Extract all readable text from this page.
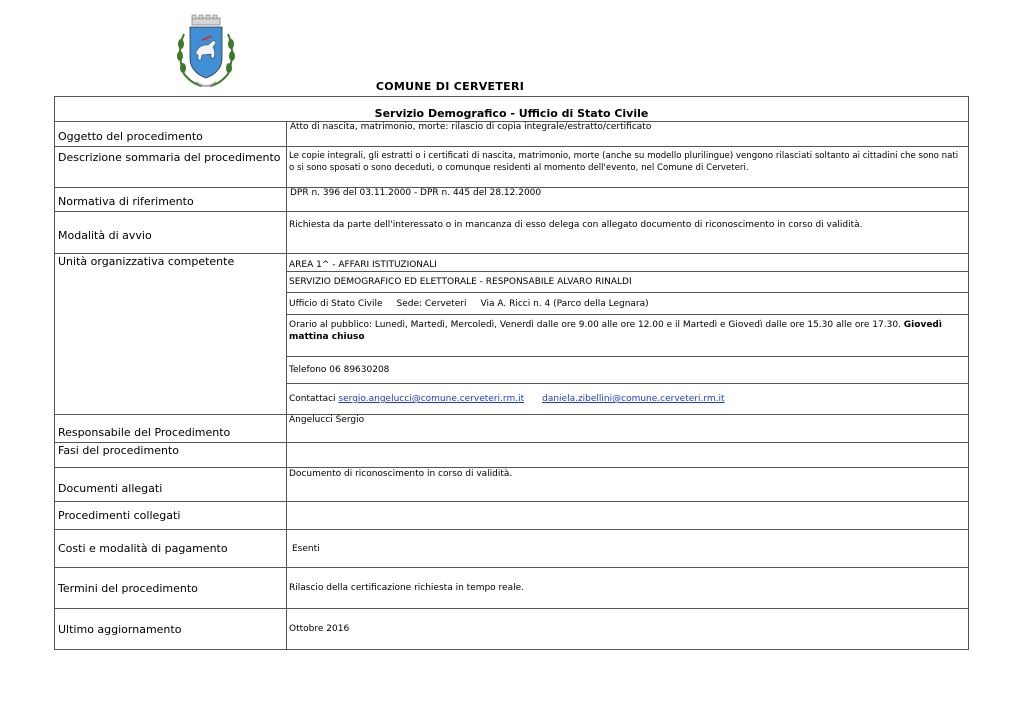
COMUNE DI CERVETERI
Servizio Demografico - Ufficio di Stato Civile	
Oggetto del procedimento	Atto di nascita, matrimonio, morte: rilascio di copia integrale/estratto/certificato
Descrizione sommaria del procedimento	Le copie integrali, gli estratti o i certificati di nascita, matrimonio, morte (anche su modello plurilingue) vengono rilasciati soltanto ai cittadini che sono nati o si sono sposati o sono deceduti, o comunque residenti al momento dell'evento, nel Comune di Cerveteri.
Normativa di riferimento	DPR n. 396 del 03.11.2000 - DPR n. 445 del 28.12.2000
Modalità di avvio	Richiesta da parte dell'interessato o in mancanza di esso delega con allegato documento di riconoscimento in corso di validità.
Unità organizzativa competente	AREA 1^ - AFFARI ISTITUZIONALI
	SERVIZIO DEMOGRAFICO ED ELETTORALE - RESPONSABILE ALVARO RINALDI
	Ufficio di Stato Civile Sede: Cerveteri Via A. Ricci n. 4 (Parco della Legnara)
	Orario al pubblico: Lunedì, Martedì, Mercoledì, Venerdì dalle ore 9.00 alle ore 12.00 e il Martedì e Giovedì dalle ore 15.30 alle ore 17.30. Giovedì mattina chiuso
	Telefono 06 89630208
	Contattaci sergio.angelucci@comune.cerveteri.rm.it daniela.zibellini@comune.cerveteri.rm.it
Responsabile del Procedimento	Angelucci Sergio
Fasi del procedimento	
Documenti allegati	Documento di riconoscimento in corso di validità.
Procedimenti collegati	
Costi e modalità di pagamento	Esenti
Termini del procedimento	Rilascio della certificazione richiesta in tempo reale.
Ultimo aggiornamento	Ottobre 2016
